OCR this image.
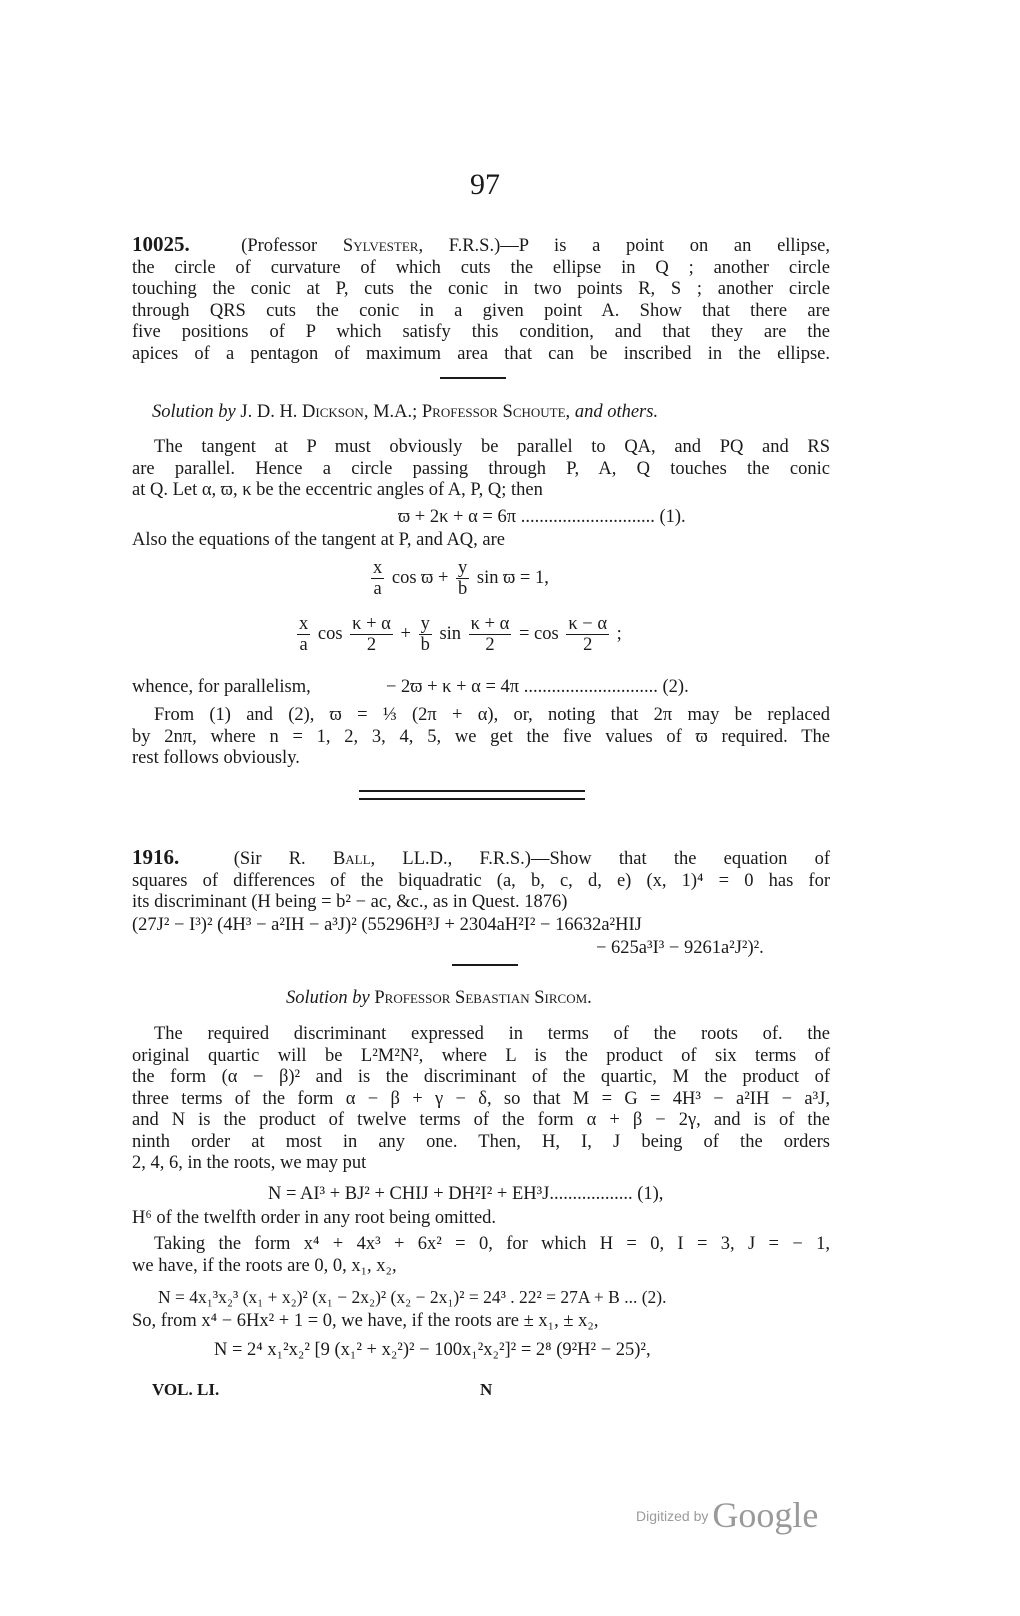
97
10025.	(Professor Sylvester, F.R.S.)—P is a point on an ellipse,
the circle of curvature of which cuts the ellipse in Q ; another circle
touching the conic at P, cuts the conic in two points R, S ; another circle
through QRS cuts the conic in a given point A. Show that there are
five positions of P which satisfy this condition, and that they are the
apices of a pentagon of maximum area that can be inscribed in the ellipse.
Solution by J. D. H. Dickson, M.A.; Professor Schoute, and others.
The tangent at P must obviously be parallel to QA, and PQ and RS
are parallel. Hence a circle passing through P, A, Q touches the conic
at Q. Let α, ϖ, κ be the eccentric angles of A, P, Q; then
ϖ + 2κ + α = 6π ............................. (1).
Also the equations of the tangent at P, and AQ, are
$\frac{x}{a}$ $\cos ϖ + \frac{y}{b}$ sin ϖ = 1,
$\frac{x}{a}$ $\cos \frac{\kappa + \alpha}{2} + \frac{y}{b}$ $\sin \frac{\kappa + \alpha}{2} = \cos \frac{\kappa - \alpha}{2}$ ;
whence, for parallelism,	− 2ϖ + κ + α = 4π ............................. (2).
From (1) and (2), ϖ = ⅓ (2π + α), or, noting that 2π may be replaced
by 2nπ, where n = 1, 2, 3, 4, 5, we get the five values of ϖ required. The
rest follows obviously.
1916.	(Sir R. Ball, LL.D., F.R.S.)—Show that the equation of
squares of differences of the biquadratic (a, b, c, d, e) (x, 1)⁴ = 0 has for
its discriminant (H being = b² − ac, &c., as in Quest. 1876)
(27J² − I³)² (4H³ − a²IH − a³J)² (55296H³J + 2304aH²I² − 16632a²HIJ
− 625a³I³ − 9261a²J²)².
Solution by Professor Sebastian Sircom.
The required discriminant expressed in terms of the roots of. the
original quartic will be L²M²N², where L is the product of six terms of
the form (α − β)² and is the discriminant of the quartic, M the product of
three terms of the form α − β + γ − δ, so that M = G = 4H³ − a²IH − a³J,
and N is the product of twelve terms of the form α + β − 2γ, and is of the
ninth order at most in any one. Then, H, I, J being of the orders
2, 4, 6, in the roots, we may put
N = AI³ + BJ² + CHIJ + DH²I² + EH³J.................. (1),
H⁶ of the twelfth order in any root being omitted.
Taking the form x⁴ + 4x³ + 6x² = 0, for which H = 0, I = 3, J = − 1,
we have, if the roots are 0, 0, x₁, x₂,
N = 4x₁³x₂³ (x₁ + x₂)² (x₁ − 2x₂)² (x₂ − 2x₁)² = 24³ . 22² = 27A + B ... (2).
So, from x⁴ − 6Hx² + 1 = 0, we have, if the roots are ± x₁, ± x₂,
N = 2⁴ x₁²x₂² [9 (x₁² + x₂²)² − 100x₁²x₂²]² = 2⁸ (9²H² − 25)²,
VOL. LI.	N
Digitized by Google
